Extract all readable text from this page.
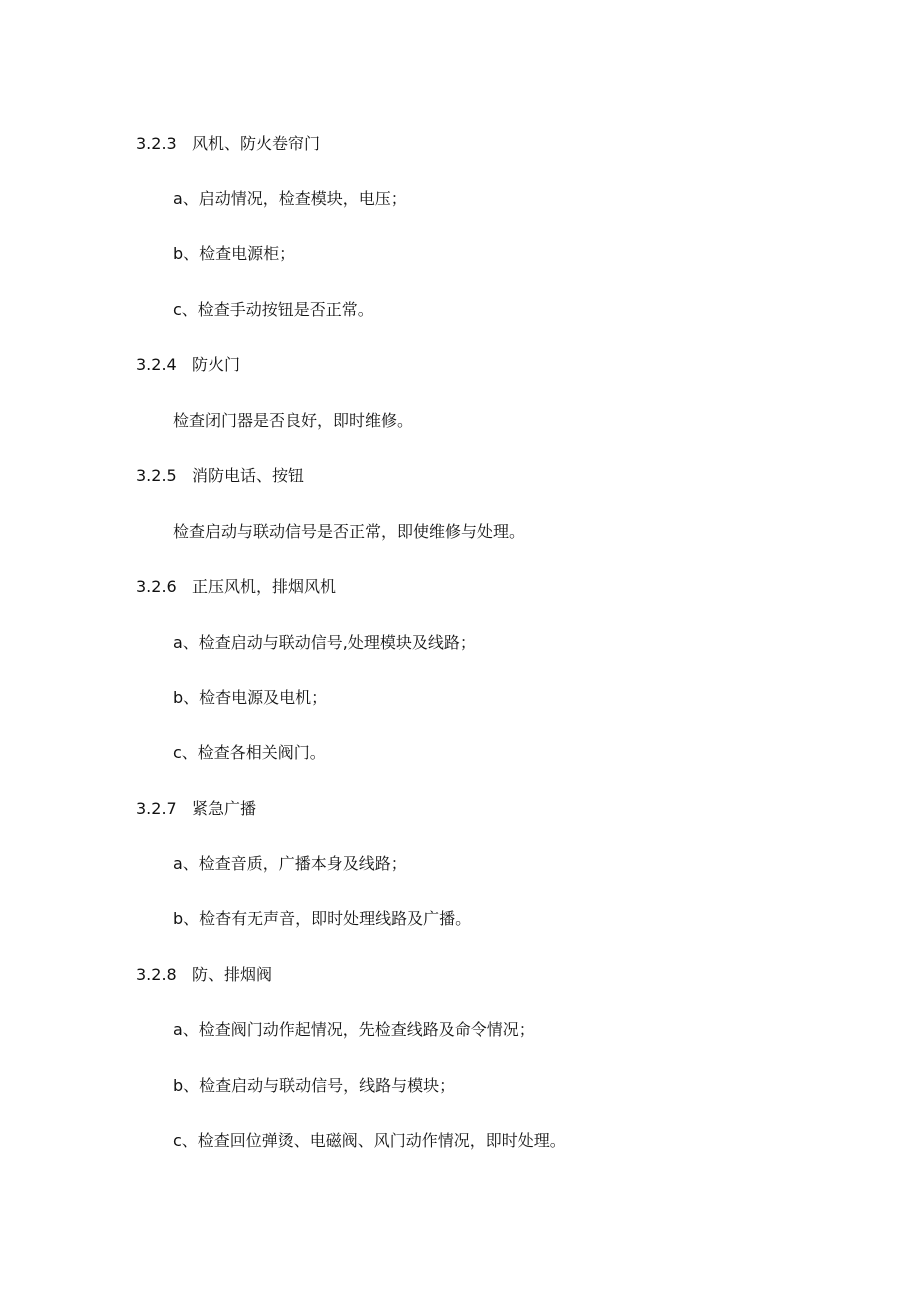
3.2.3 风机、防火卷帘门
a、启动情况，检查模块，电压；
b、检查电源柜；
c、检查手动按钮是否正常。
3.2.4 防火门
检查闭门器是否良好，即时维修。
3.2.5 消防电话、按钮
检查启动与联动信号是否正常，即使维修与处理。
3.2.6 正压风机，排烟风机
a、检查启动与联动信号,处理模块及线路；
b、检杳电源及电机；
c、检查各相关阀门。
3.2.7 紧急广播
a、检查音质，广播本身及线路；
b、检杳有无声音，即时处理线路及广播。
3.2.8 防、排烟阀
a、检查阀门动作起情况，先检查线路及命令情况；
b、检查启动与联动信号，线路与模块；
c、检查回位弹烫、电磁阀、风门动作情况，即时处理。
